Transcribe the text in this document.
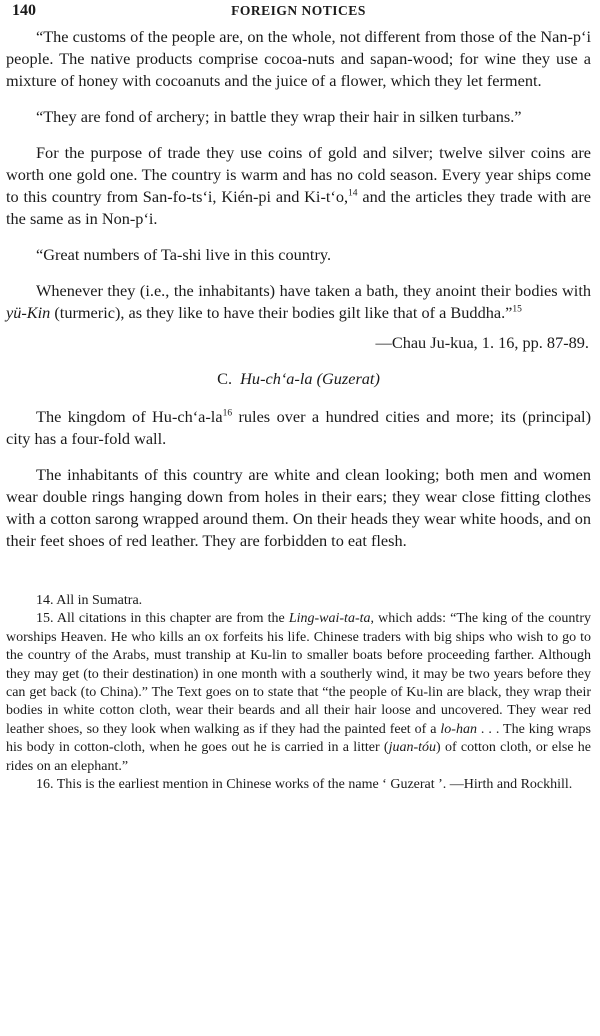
140	FOREIGN NOTICES

“The customs of the people are, on the whole, not different from those of the Nan-p‘i people. The native products comprise cocoa-nuts and sapan-wood; for wine they use a mixture of honey with cocoanuts and the juice of a flower, which they let ferment.

“They are fond of archery; in battle they wrap their hair in silken turbans.”

For the purpose of trade they use coins of gold and silver; twelve silver coins are worth one gold one. The country is warm and has no cold season. Every year ships come to this country from San-fo-ts‘i, Kién-pi and Ki-t‘o,$^{14}$ and the articles they trade with are the same as in Non-p‘i.

“Great numbers of Ta-shi live in this country.

Whenever they (i.e., the inhabitants) have taken a bath, they anoint their bodies with yü-Kin (turmeric), as they like to have their bodies gilt like that of a Buddha.”$^{15}$

—Chau Ju-kua, 1. 16, pp. 87-89.
C. Hu-ch‘a-la (Guzerat)

The kingdom of $Hu-ch‘a-la^{16}$ rules over a hundred cities and more; its (principal) city has a four-fold wall.

The inhabitants of this country are white and clean looking; both men and women wear double rings hanging down from holes in their ears; they wear close fitting clothes with a cotton sarong wrapped around them. On their heads they wear white hoods, and on their feet shoes of red leather. They are forbidden to eat flesh.

14. All in Sumatra.

15. All citations in this chapter are from the Ling-wai-ta-ta, which adds: “The king of the country worships Heaven. He who kills an ox forfeits his life. Chinese traders with big ships who wish to go to the country of the Arabs, must tranship at Ku-lin to smaller boats before proceeding farther. Although they may get (to their destination) in one month with a southerly wind, it may be two years before they can get back (to China).” The Text goes on to state that “the people of Ku-lin are black, they wrap their bodies in white cotton cloth, wear their beards and all their hair loose and uncovered. They wear red leather shoes, so they look when walking as if they had the painted feet of a lo-han . . . The king wraps his body in cotton-cloth, when he goes out he is carried in a litter (juan-tóu) of cotton cloth, or else he rides on an elephant.”

16. This is the earliest mention in Chinese works of the name ‘ Guzerat ’. —Hirth and Rockhill.
